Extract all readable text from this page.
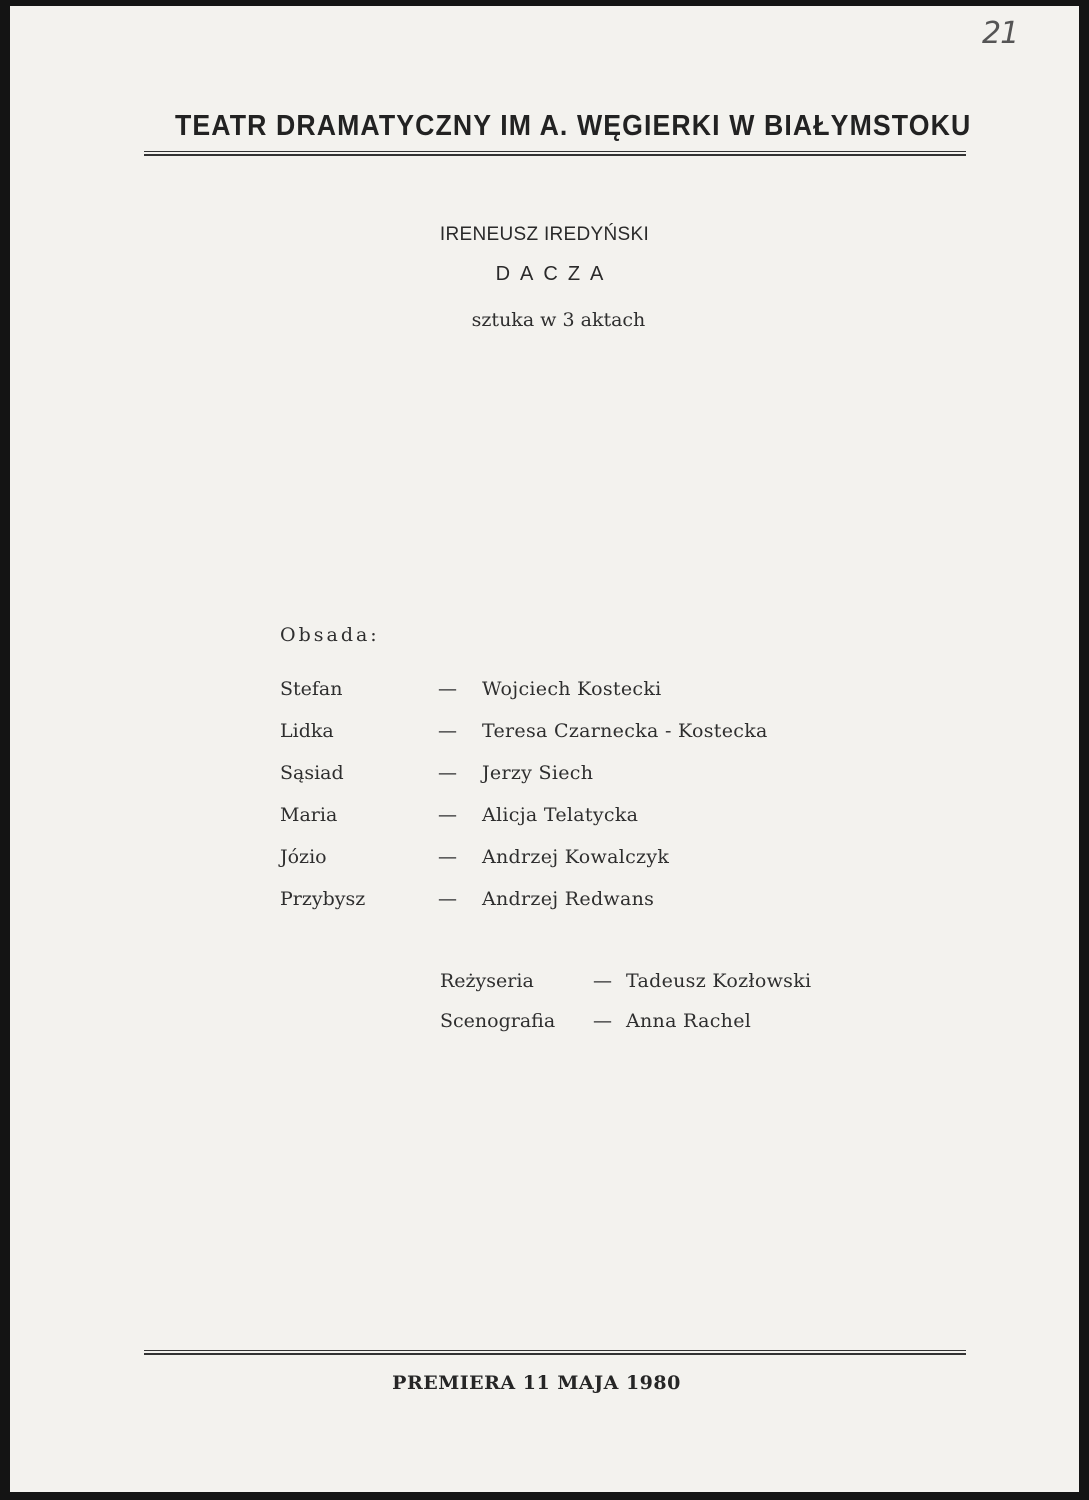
21
TEATR DRAMATYCZNY IM A. WĘGIERKI W BIAŁYMSTOKU
IRENEUSZ IREDYŃSKI
DACZA
sztuka w 3 aktach
Obsada:
Stefan	— Wojciech Kostecki
Lidka	— Teresa Czarnecka - Kostecka
Sąsiad	— Jerzy Siech
Maria	— Alicja Telatycka
Józio	— Andrzej Kowalczyk
Przybysz	— Andrzej Redwans
Reżyseria	— Tadeusz Kozłowski
Scenografia — Anna Rachel
PREMIERA 11 MAJA 1980
